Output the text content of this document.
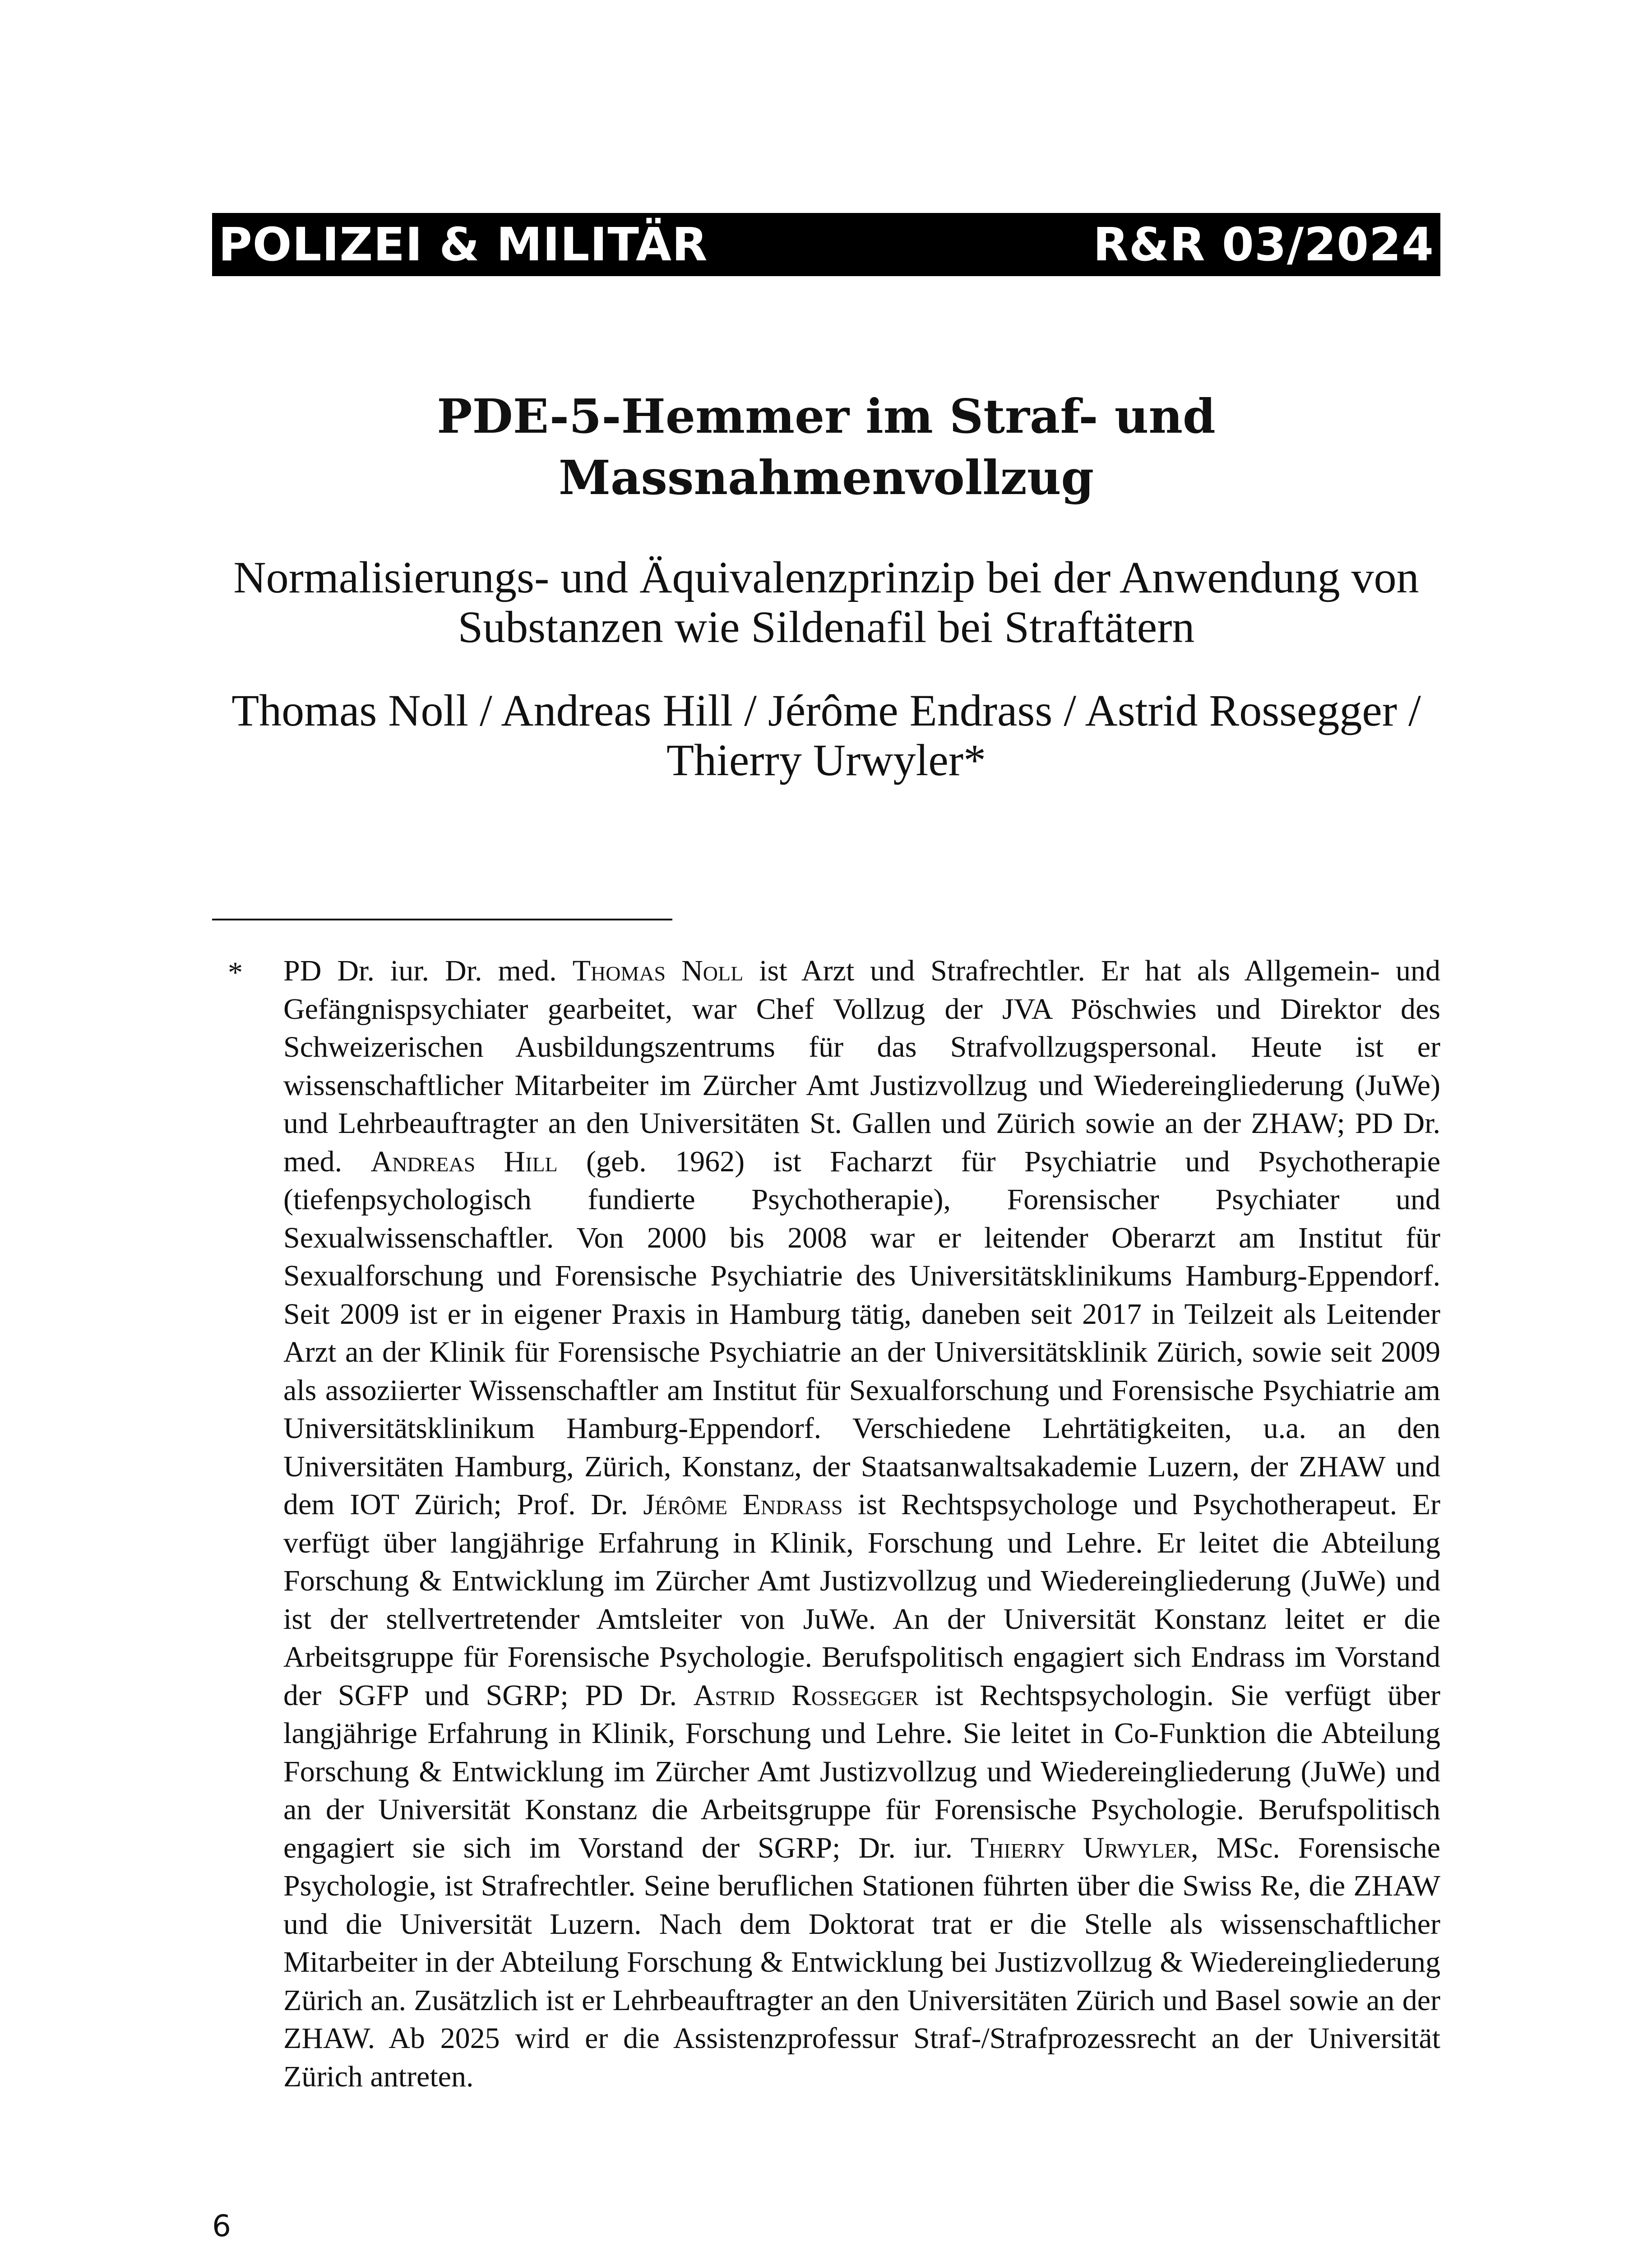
POLIZEI & MILITÄR	R&R 03/2024
PDE-5-Hemmer im Straf- und Massnahmenvollzug

Normalisierungs- und Äquivalenzprinzip bei der Anwendung von Substanzen wie Sildenafil bei Straftätern

Thomas Noll / Andreas Hill / Jérôme Endrass / Astrid Rossegger / Thierry Urwyler*

* PD Dr. iur. Dr. med. Thomas Noll ist Arzt und Strafrechtler. Er hat als Allgemein- und Gefängnispsychiater gearbeitet, war Chef Vollzug der JVA Pöschwies und Direktor des Schweizerischen Ausbildungszentrums für das Strafvollzugspersonal. Heute ist er wissenschaftlicher Mitarbeiter im Zürcher Amt Justizvollzug und Wiedereingliederung (JuWe) und Lehrbeauftragter an den Universitäten St. Gallen und Zürich sowie an der ZHAW; PD Dr. med. Andreas Hill (geb. 1962) ist Facharzt für Psychiatrie und Psychotherapie (tiefenpsychologisch fundierte Psychotherapie), Forensischer Psychiater und Sexualwissenschaftler. Von 2000 bis 2008 war er leitender Oberarzt am Institut für Sexualforschung und Forensische Psychiatrie des Universitätsklinikums Hamburg-Eppendorf. Seit 2009 ist er in eigener Praxis in Hamburg tätig, daneben seit 2017 in Teilzeit als Leitender Arzt an der Klinik für Forensische Psychiatrie an der Universitätsklinik Zürich, sowie seit 2009 als assoziierter Wissenschaftler am Institut für Sexualforschung und Forensische Psychiatrie am Universitätsklinikum Hamburg-Eppendorf. Verschiedene Lehrtätigkeiten, u.a. an den Universitäten Hamburg, Zürich, Konstanz, der Staatsanwaltsakademie Luzern, der ZHAW und dem IOT Zürich; Prof. Dr. Jérôme Endrass ist Rechtspsychologe und Psychotherapeut. Er verfügt über langjährige Erfahrung in Klinik, Forschung und Lehre. Er leitet die Abteilung Forschung & Entwicklung im Zürcher Amt Justizvollzug und Wiedereingliederung (JuWe) und ist der stellvertretender Amtsleiter von JuWe. An der Universität Konstanz leitet er die Arbeitsgruppe für Forensische Psychologie. Berufspolitisch engagiert sich Endrass im Vorstand der SGFP und SGRP; PD Dr. Astrid Rossegger ist Rechtspsychologin. Sie verfügt über langjährige Erfahrung in Klinik, Forschung und Lehre. Sie leitet in Co-Funktion die Abteilung Forschung & Entwicklung im Zürcher Amt Justizvollzug und Wiedereingliederung (JuWe) und an der Universität Konstanz die Arbeitsgruppe für Forensische Psychologie. Berufspolitisch engagiert sie sich im Vorstand der SGRP; Dr. iur. Thierry Urwyler, MSc. Forensische Psychologie, ist Strafrechtler. Seine beruflichen Stationen führten über die Swiss Re, die ZHAW und die Universität Luzern. Nach dem Doktorat trat er die Stelle als wissenschaftlicher Mitarbeiter in der Abteilung Forschung & Entwicklung bei Justizvollzug & Wiedereingliederung Zürich an. Zusätzlich ist er Lehrbeauftragter an den Universitäten Zürich und Basel sowie an der ZHAW. Ab 2025 wird er die Assistenzprofessur Straf-/Strafprozessrecht an der Universität Zürich antreten.

6
